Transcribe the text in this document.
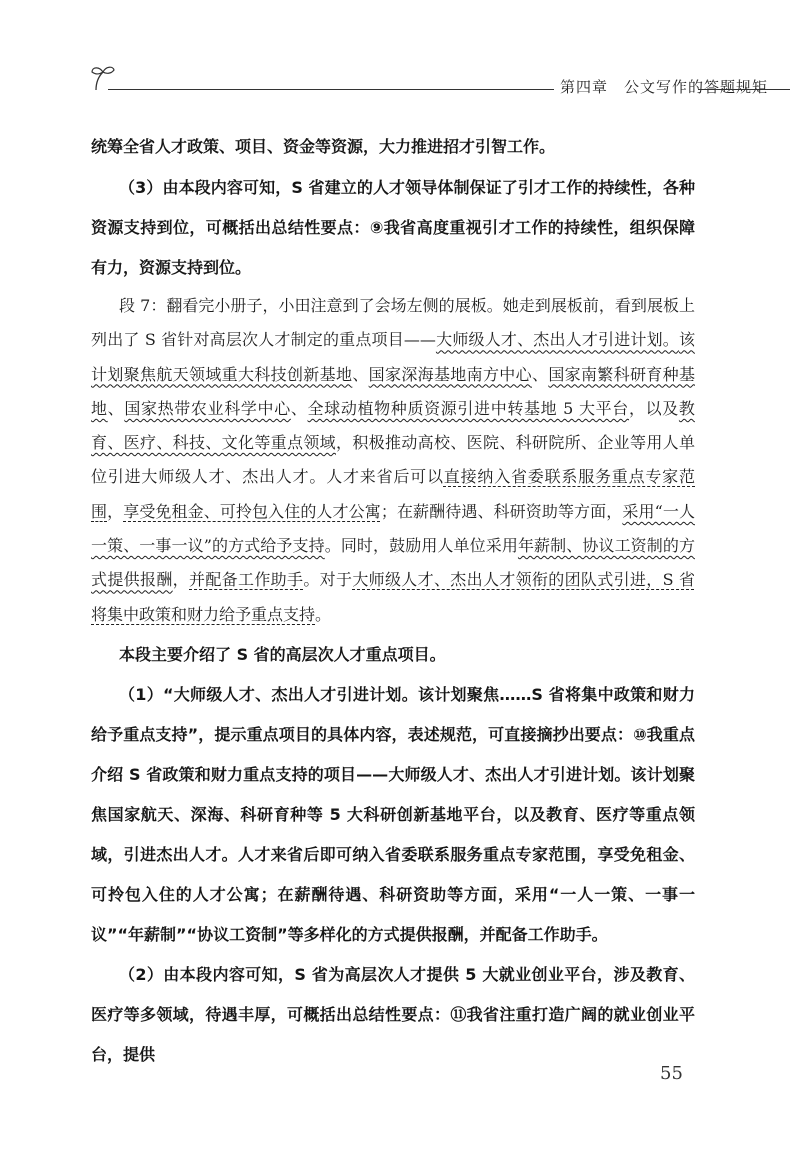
第四章　公文写作的答题规矩

统筹全省人才政策、项目、资金等资源，大力推进招才引智工作。

（3）由本段内容可知，S 省建立的人才领导体制保证了引才工作的持续性，各种资源支持到位，可概括出总结性要点：⑨我省高度重视引才工作的持续性，组织保障有力，资源支持到位。

段 7：翻看完小册子，小田注意到了会场左侧的展板。她走到展板前，看到展板上列出了 S 省针对高层次人才制定的重点项目——大师级人才、杰出人才引进计划。该计划聚焦航天领域重大科技创新基地、国家深海基地南方中心、国家南繁科研育种基地、国家热带农业科学中心、全球动植物种质资源引进中转基地 5 大平台，以及教育、医疗、科技、文化等重点领域，积极推动高校、医院、科研院所、企业等用人单位引进大师级人才、杰出人才。人才来省后可以直接纳入省委联系服务重点专家范围，享受免租金、可拎包入住的人才公寓；在薪酬待遇、科研资助等方面，采用“一人一策、一事一议”的方式给予支持。同时，鼓励用人单位采用年薪制、协议工资制的方式提供报酬，并配备工作助手。对于大师级人才、杰出人才领衔的团队式引进，S 省将集中政策和财力给予重点支持。

本段主要介绍了 S 省的高层次人才重点项目。

（1）“大师级人才、杰出人才引进计划。该计划聚焦……S 省将集中政策和财力给予重点支持”，提示重点项目的具体内容，表述规范，可直接摘抄出要点：⑩我重点介绍 S 省政策和财力重点支持的项目——大师级人才、杰出人才引进计划。该计划聚焦国家航天、深海、科研育种等 5 大科研创新基地平台，以及教育、医疗等重点领域，引进杰出人才。人才来省后即可纳入省委联系服务重点专家范围，享受免租金、可拎包入住的人才公寓；在薪酬待遇、科研资助等方面，采用“一人一策、一事一议”“年薪制”“协议工资制”等多样化的方式提供报酬，并配备工作助手。

（2）由本段内容可知，S 省为高层次人才提供 5 大就业创业平台，涉及教育、医疗等多领域，待遇丰厚，可概括出总结性要点：⑪我省注重打造广阔的就业创业平台，提供

55
